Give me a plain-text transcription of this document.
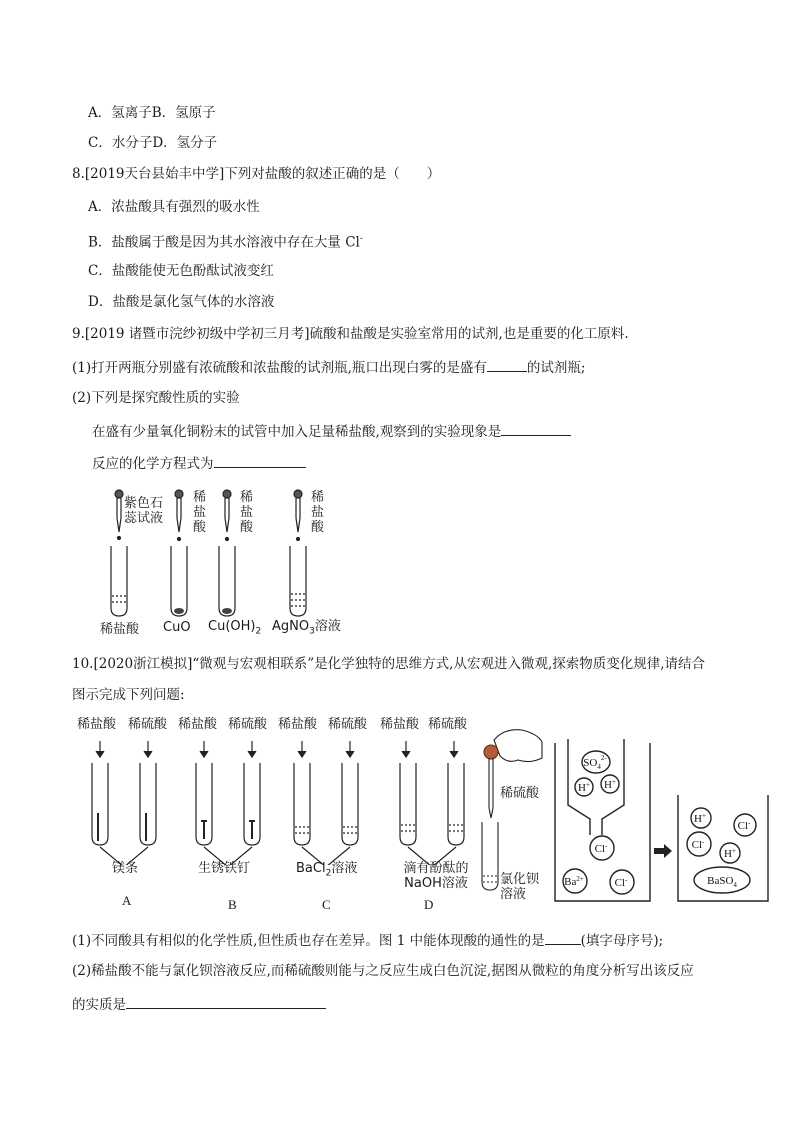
A．氢离子B．氢原子
C．水分子D．氢分子
8.[2019天台县始丰中学]下列对盐酸的叙述正确的是（　　）
A．浓盐酸具有强烈的吸水性
B．盐酸属于酸是因为其水溶液中存在大量 Cl-
C．盐酸能使无色酚酞试液变红
D．盐酸是氯化氢气体的水溶液
9.[2019 诸暨市浣纱初级中学初三月考]硫酸和盐酸是实验室常用的试剂,也是重要的化工原料.
(1)打开两瓶分别盛有浓硫酸和浓盐酸的试剂瓶,瓶口出现白雾的是盛有	的试剂瓶;
(2)下列是探究酸性质的实验
在盛有少量氧化铜粉末的试管中加入足量稀盐酸,观察到的实验现象是
反应的化学方程式为
紫色石蕊试液
稀盐酸
稀盐酸
稀盐酸
稀盐酸 CuO $Cu(OH)_2$ AgNO$_3$溶液
10.[2020浙江模拟]“微观与宏观相联系”是化学独特的思维方式,从宏观进入微观,探索物质变化规律,请结合
图示完成下列问题:
稀盐酸 稀硫酸 稀盐酸 稀硫酸 稀盐酸 稀硫酸 稀盐酸 稀硫酸
镁条	生锈铁钉	BaCl$_2$溶液	滴有酚酞的NaOH溶液
A	B	C	D
稀硫酸
氯化钡溶液
$SO_4^{2-}$
H+ H+
Cl-
$Ba^{2+}$	Cl-
H+
Cl-
Cl-
H+
BaSO$_4$
(1)不同酸具有相似的化学性质,但性质也存在差异。图 1 中能体现酸的通性的是	(填字母序号);
(2)稀盐酸不能与氯化钡溶液反应,而稀硫酸则能与之反应生成白色沉淀,据图从微粒的角度分析写出该反应
的实质是
